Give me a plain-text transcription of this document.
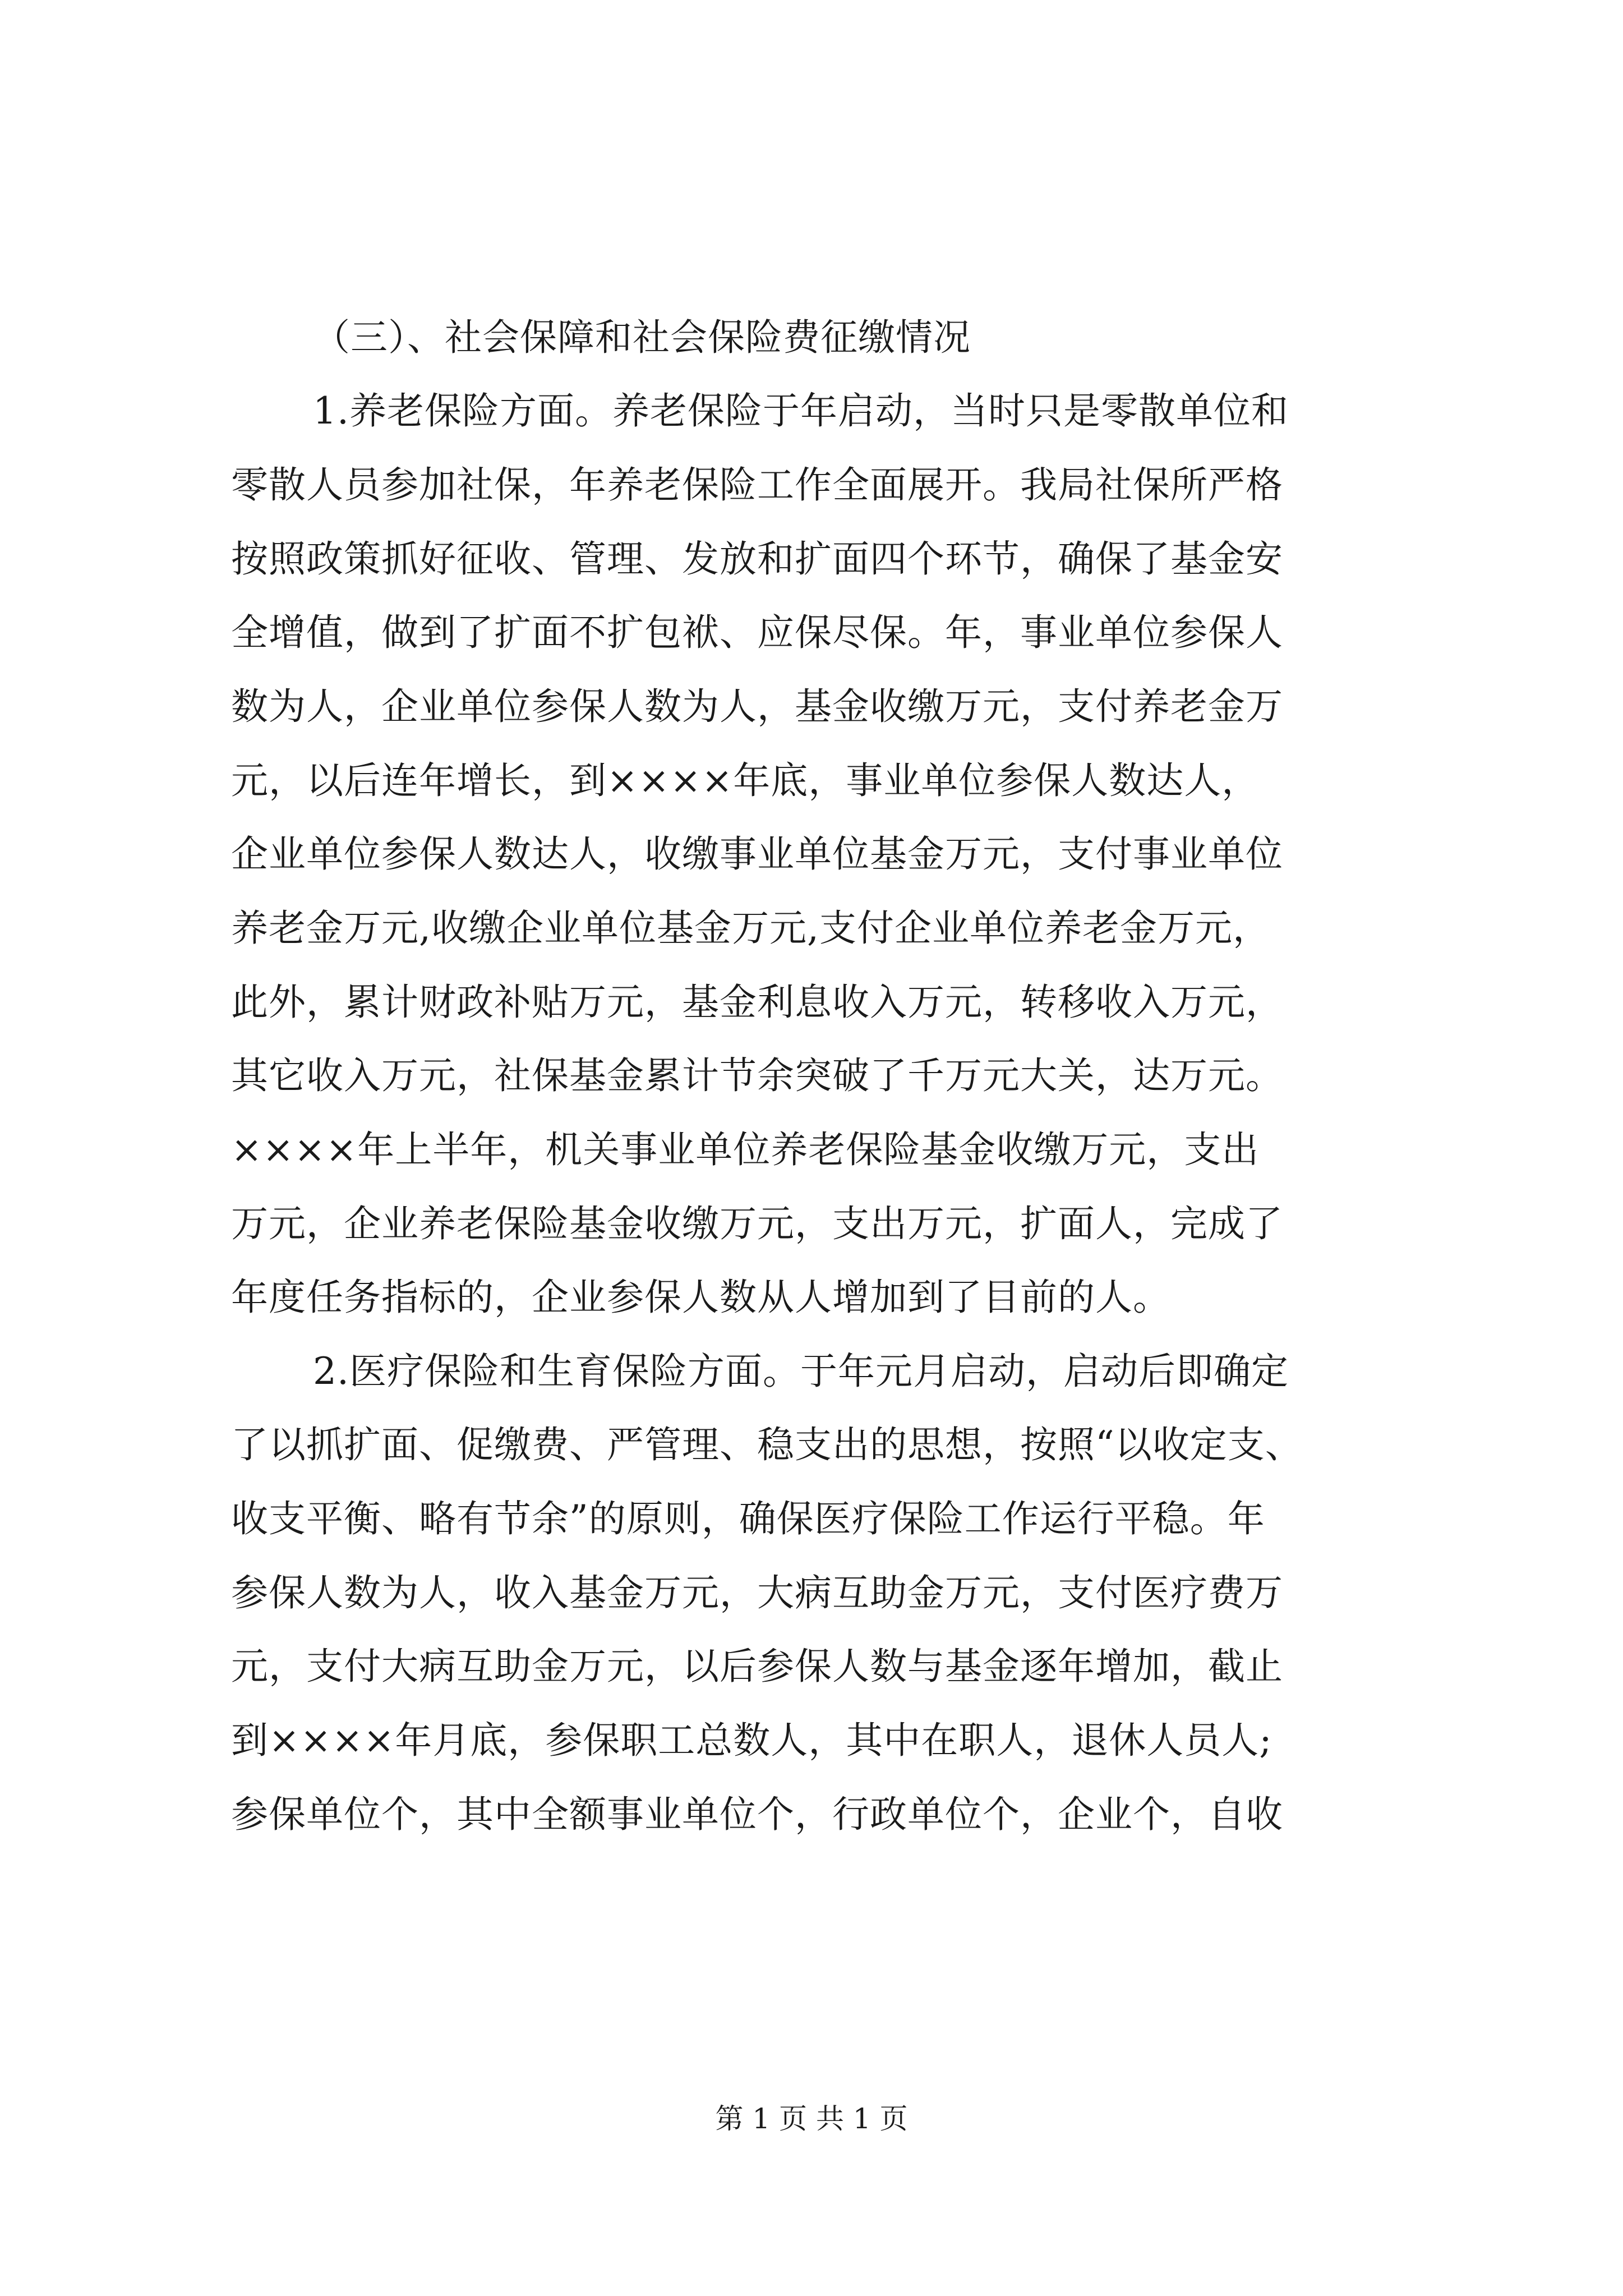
（三）、社会保障和社会保险费征缴情况
1.养老保险方面。养老保险于年启动，当时只是零散单位和
零散人员参加社保，年养老保险工作全面展开。我局社保所严格
按照政策抓好征收、管理、发放和扩面四个环节，确保了基金安
全增值，做到了扩面不扩包袱、应保尽保。年，事业单位参保人
数为人，企业单位参保人数为人，基金收缴万元，支付养老金万
元，以后连年增长，到××××年底，事业单位参保人数达人，
企业单位参保人数达人，收缴事业单位基金万元，支付事业单位
养老金万元,收缴企业单位基金万元,支付企业单位养老金万元，
此外，累计财政补贴万元，基金利息收入万元，转移收入万元，
其它收入万元，社保基金累计节余突破了千万元大关，达万元。
××××年上半年，机关事业单位养老保险基金收缴万元，支出
万元，企业养老保险基金收缴万元，支出万元，扩面人，完成了
年度任务指标的，企业参保人数从人增加到了目前的人。
2.医疗保险和生育保险方面。于年元月启动，启动后即确定
了以抓扩面、促缴费、严管理、稳支出的思想，按照“以收定支、
收支平衡、略有节余”的原则，确保医疗保险工作运行平稳。年
参保人数为人，收入基金万元，大病互助金万元，支付医疗费万
元，支付大病互助金万元，以后参保人数与基金逐年增加，截止
到××××年月底，参保职工总数人，其中在职人，退休人员人;
参保单位个，其中全额事业单位个，行政单位个，企业个，自收
第 1 页 共 1 页
